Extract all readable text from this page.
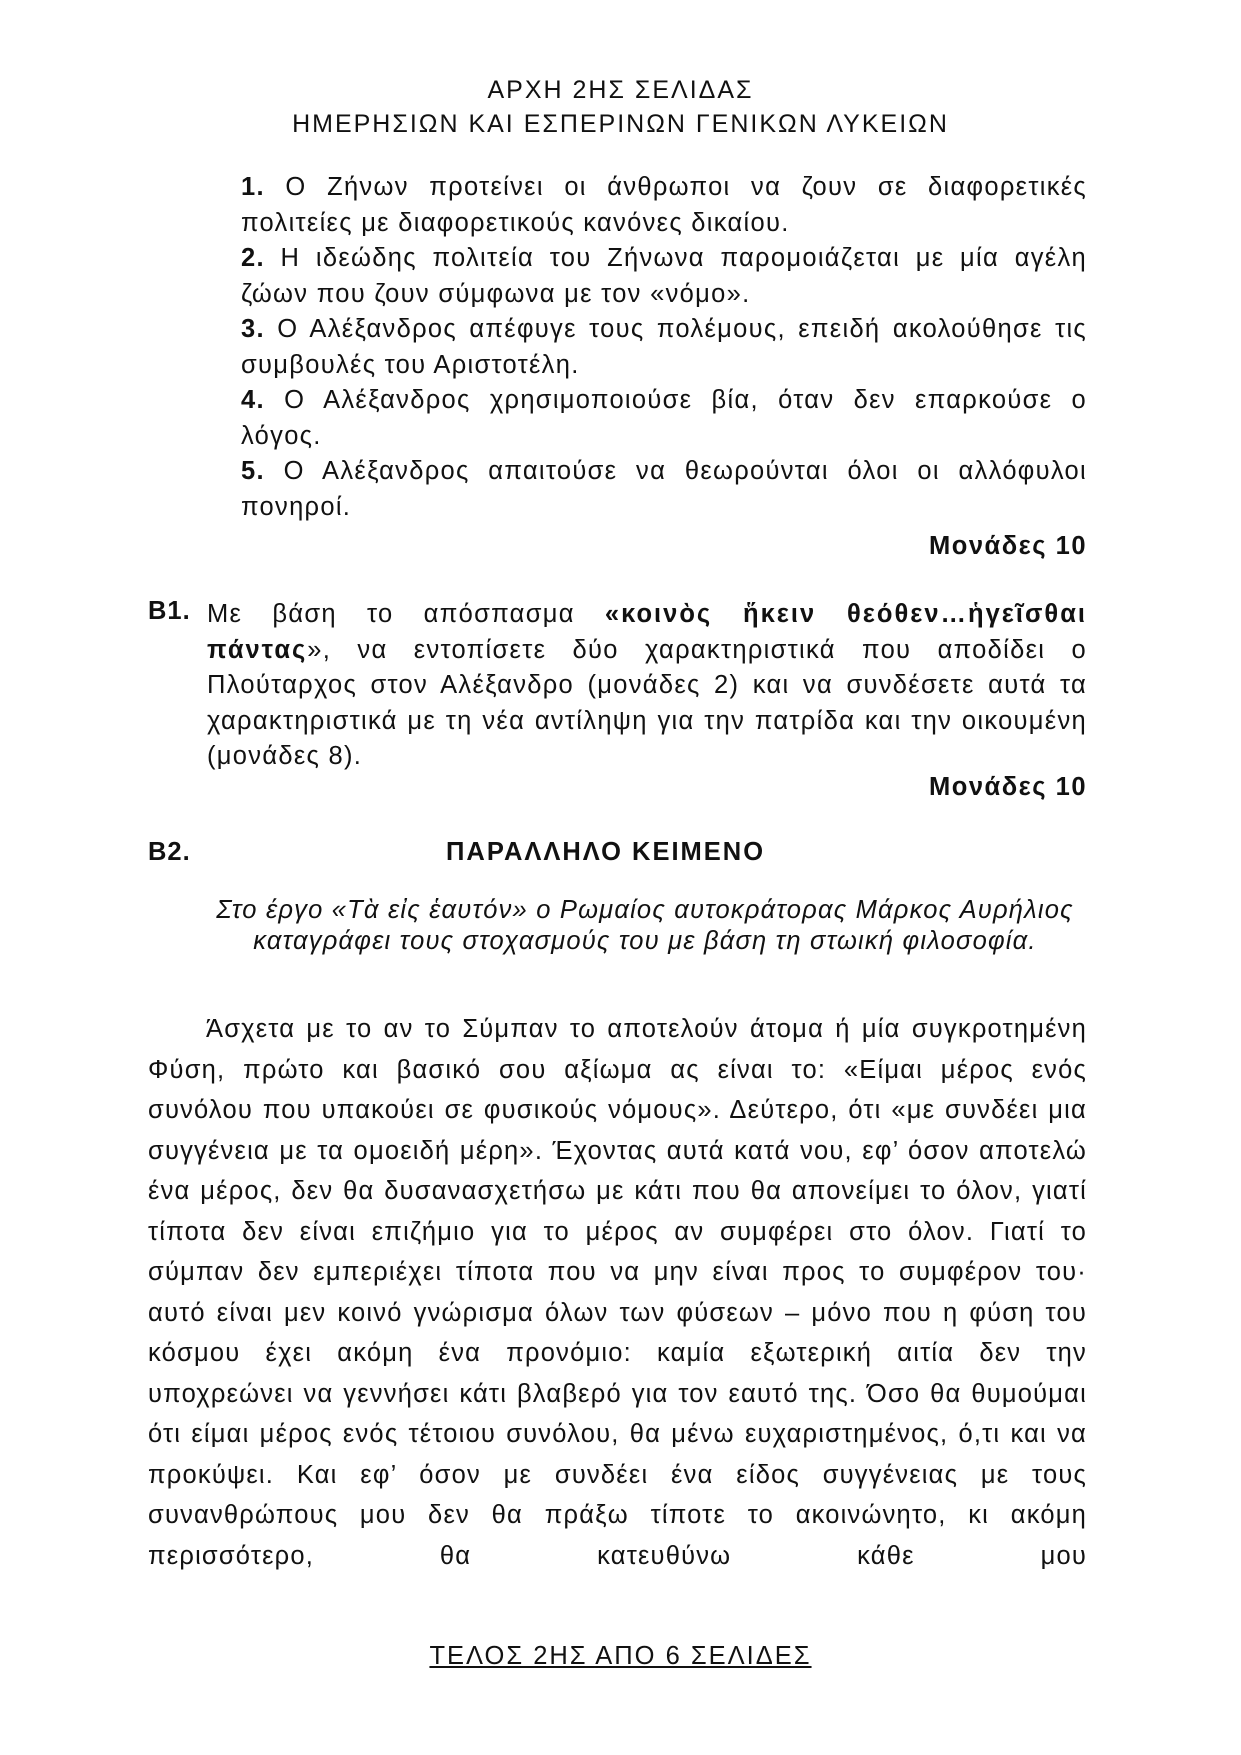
ΑΡΧΗ 2ΗΣ ΣΕΛΙΔΑΣ
ΗΜΕΡΗΣΙΩΝ ΚΑΙ ΕΣΠΕΡΙΝΩΝ ΓΕΝΙΚΩΝ ΛΥΚΕΙΩΝ

1. Ο Ζήνων προτείνει οι άνθρωποι να ζουν σε διαφορετικές πολιτείες με διαφορετικούς κανόνες δικαίου.

2. Η ιδεώδης πολιτεία του Ζήνωνα παρομοιάζεται με μία αγέλη ζώων που ζουν σύμφωνα με τον «νόμο».

3. Ο Αλέξανδρος απέφυγε τους πολέμους, επειδή ακολούθησε τις συμβουλές του Αριστοτέλη.

4. Ο Αλέξανδρος χρησιμοποιούσε βία, όταν δεν επαρκούσε ο λόγος.

5. Ο Αλέξανδρος απαιτούσε να θεωρούνται όλοι οι αλλόφυλοι πονηροί.

Μονάδες 10
Β1. Με βάση το απόσπασμα «κοινὸς ἥκειν θεόθεν…ἡγεῖσθαι πάντας», να εντοπίσετε δύο χαρακτηριστικά που αποδίδει ο Πλούταρχος στον Αλέξανδρο (μονάδες 2) και να συνδέσετε αυτά τα χαρακτηριστικά με τη νέα αντίληψη για την πατρίδα και την οικουμένη (μονάδες 8).

Μονάδες 10
Β2.	ΠΑΡΑΛΛΗΛΟ ΚΕΙΜΕΝΟ

Στο έργο «Τὰ εἰς ἑαυτόν» ο Ρωμαίος αυτοκράτορας Μάρκος Αυρήλιος καταγράφει τους στοχασμούς του με βάση τη στωική φιλοσοφία.

Άσχετα με το αν το Σύμπαν το αποτελούν άτομα ή μία συγκροτημένη Φύση, πρώτο και βασικό σου αξίωμα ας είναι το: «Είμαι μέρος ενός συνόλου που υπακούει σε φυσικούς νόμους». Δεύτερο, ότι «με συνδέει μια συγγένεια με τα ομοειδή μέρη». Έχοντας αυτά κατά νου, εφ’ όσον αποτελώ ένα μέρος, δεν θα δυσανασχετήσω με κάτι που θα απονείμει το όλον, γιατί τίποτα δεν είναι επιζήμιο για το μέρος αν συμφέρει στο όλον. Γιατί το σύμπαν δεν εμπεριέχει τίποτα που να μην είναι προς το συμφέρον του· αυτό είναι μεν κοινό γνώρισμα όλων των φύσεων – μόνο που η φύση του κόσμου έχει ακόμη ένα προνόμιο: καμία εξωτερική αιτία δεν την υποχρεώνει να γεννήσει κάτι βλαβερό για τον εαυτό της. Όσο θα θυμούμαι ότι είμαι μέρος ενός τέτοιου συνόλου, θα μένω ευχαριστημένος, ό,τι και να προκύψει. Και εφ’ όσον με συνδέει ένα είδος συγγένειας με τους συνανθρώπους μου δεν θα πράξω τίποτε το ακοινώνητο, κι ακόμη περισσότερο, θα κατευθύνω κάθε μου

ΤΕΛΟΣ 2ΗΣ ΑΠΟ 6 ΣΕΛΙΔΕΣ
